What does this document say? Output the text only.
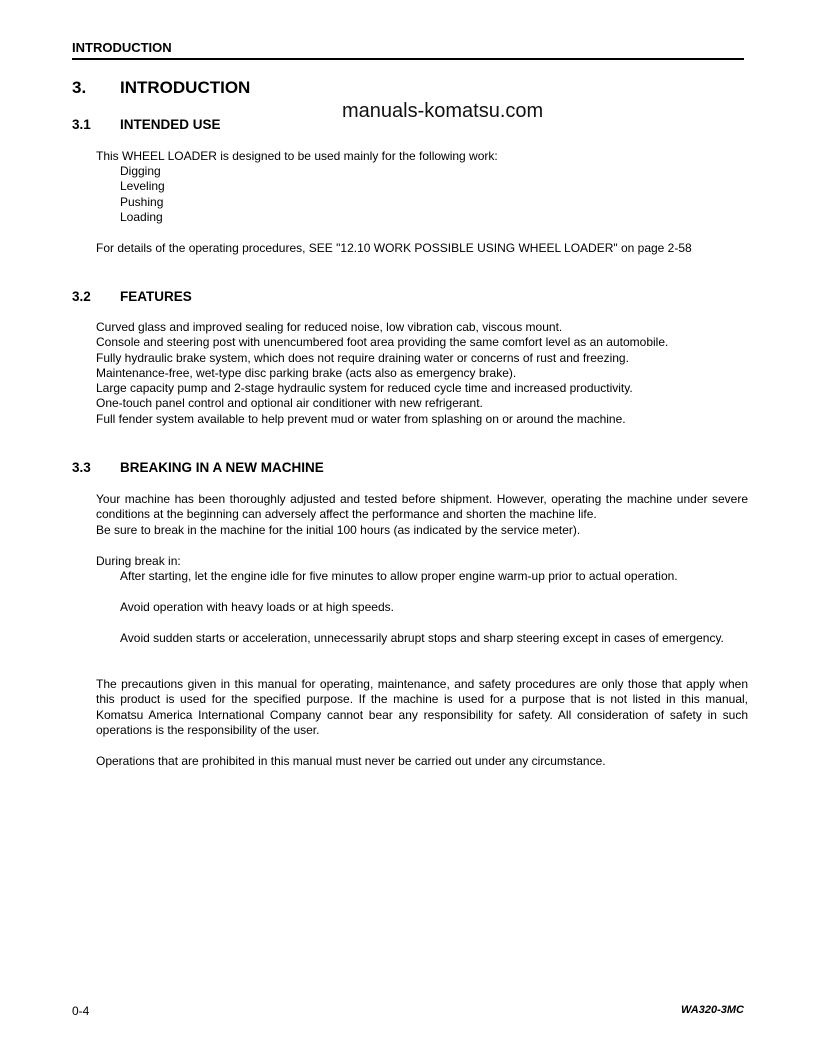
INTRODUCTION
3. INTRODUCTION
manuals-komatsu.com
3.1 INTENDED USE
This WHEEL LOADER is designed to be used mainly for the following work:
Digging
Leveling
Pushing
Loading
For details of the operating procedures, SEE "12.10 WORK POSSIBLE USING WHEEL LOADER" on page 2-58
3.2 FEATURES
Curved glass and improved sealing for reduced noise, low vibration cab, viscous mount.
Console and steering post with unencumbered foot area providing the same comfort level as an automobile.
Fully hydraulic brake system, which does not require draining water or concerns of rust and freezing.
Maintenance-free, wet-type disc parking brake (acts also as emergency brake).
Large capacity pump and 2-stage hydraulic system for reduced cycle time and increased productivity.
One-touch panel control and optional air conditioner with new refrigerant.
Full fender system available to help prevent mud or water from splashing on or around the machine.
3.3 BREAKING IN A NEW MACHINE
Your machine has been thoroughly adjusted and tested before shipment. However, operating the machine under severe conditions at the beginning can adversely affect the performance and shorten the machine life.
Be sure to break in the machine for the initial 100 hours (as indicated by the service meter).
During break in:
After starting, let the engine idle for five minutes to allow proper engine warm-up prior to actual operation.
Avoid operation with heavy loads or at high speeds.
Avoid sudden starts or acceleration, unnecessarily abrupt stops and sharp steering except in cases of emergency.
The precautions given in this manual for operating, maintenance, and safety procedures are only those that apply when this product is used for the specified purpose. If the machine is used for a purpose that is not listed in this manual, Komatsu America International Company cannot bear any responsibility for safety. All consideration of safety in such operations is the responsibility of the user.
Operations that are prohibited in this manual must never be carried out under any circumstance.
0-4	WA320-3MC
